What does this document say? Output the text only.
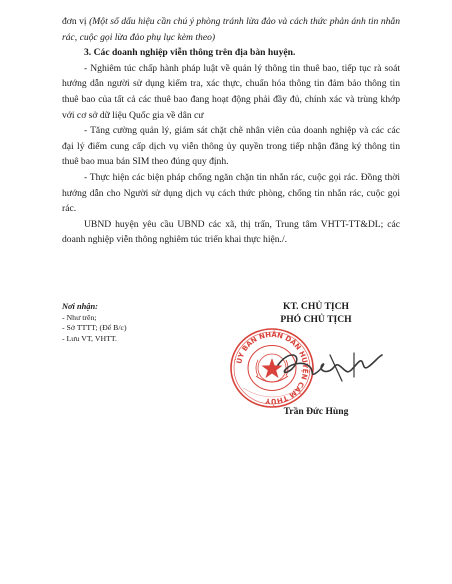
đơn vị (Một số dấu hiệu cần chú ý phòng tránh lừa đảo và cách thức phản ánh tin nhắn rác, cuộc gọi lừa đảo phụ lục kèm theo)

3. Các doanh nghiệp viễn thông trên địa bàn huyện.

- Nghiêm túc chấp hành pháp luật về quản lý thông tin thuê bao, tiếp tục rà soát hướng dẫn người sử dụng kiểm tra, xác thực, chuẩn hóa thông tin đảm bảo thông tin thuê bao của tất cả các thuê bao đang hoạt động phải đầy đủ, chính xác và trùng khớp với cơ sở dữ liệu Quốc gia về dân cư

- Tăng cường quản lý, giám sát chặt chẽ nhân viên của doanh nghiệp và các các đại lý điểm cung cấp dịch vụ viễn thông ủy quyền trong tiếp nhận đăng ký thông tin thuê bao mua bán SIM theo đúng quy định.

- Thực hiện các biện pháp chống ngăn chặn tin nhắn rác, cuộc gọi rác. Đồng thời hướng dẫn cho Người sử dụng dịch vụ cách thức phòng, chống tin nhắn rác, cuộc gọi rác.

UBND huyện yêu cầu UBND các xã, thị trấn, Trung tâm VHTT-TT&DL; các doanh nghiệp viễn thông nghiêm túc triển khai thực hiện./.

Nơi nhận:
- Như trên;
- Sở TTTT; (Để B/c)
- Lưu VT, VHTT.
KT. CHỦ TỊCH
PHÓ CHỦ TỊCH
ỦY BAN NHÂN DÂN HUYỆN CẨM THỦY
Trần Đức Hùng
